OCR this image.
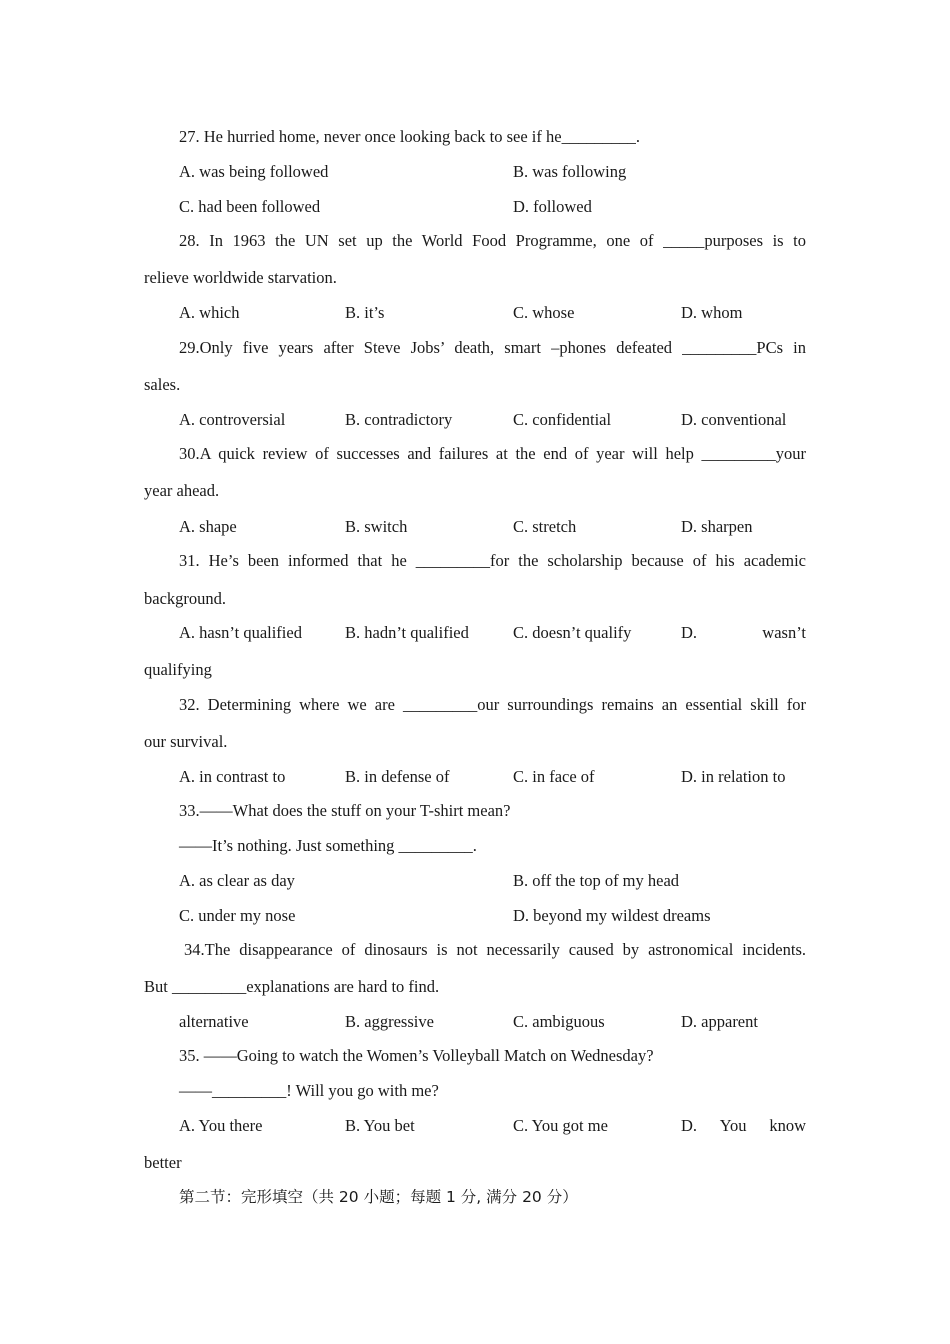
27. He hurried home, never once looking back to see if he_________.
A. was being followed	B. was following
C. had been followed	D. followed
28. In 1963 the UN set up the World Food Programme, one of _____purposes is to
relieve worldwide starvation.
A. which	B. it’s	C. whose	D. whom
29.Only five years after Steve Jobs’ death, smart –phones defeated _________PCs in
sales.
A. controversial	B. contradictory	C. confidential	D. conventional
30.A quick review of successes and failures at the end of year will help _________your
year ahead.
A. shape	B. switch	C. stretch	D. sharpen
31. He’s been informed that he _________for the scholarship because of his academic
background.
A. hasn’t qualified	B. hadn’t qualified	C. doesn’t qualify	D.	wasn’t
qualifying
32. Determining where we are _________our surroundings remains an essential skill for
our survival.
A. in contrast to	B. in defense of	C. in face of	D. in relation to
33.——What does the stuff on your T-shirt mean?
——It’s nothing. Just something _________.
A. as clear as day	B. off the top of my head
C. under my nose	D. beyond my wildest dreams
34.The disappearance of dinosaurs is not necessarily caused by astronomical incidents.
But _________explanations are hard to find.
alternative	B. aggressive	C. ambiguous	D. apparent
35. ——Going to watch the Women’s Volleyball Match on Wednesday?
——_________! Will you go with me?
A. You there	B. You bet	C. You got me	D. You know
better
第二节：完形填空（共 20 小题；每题 1 分, 满分 20 分）
